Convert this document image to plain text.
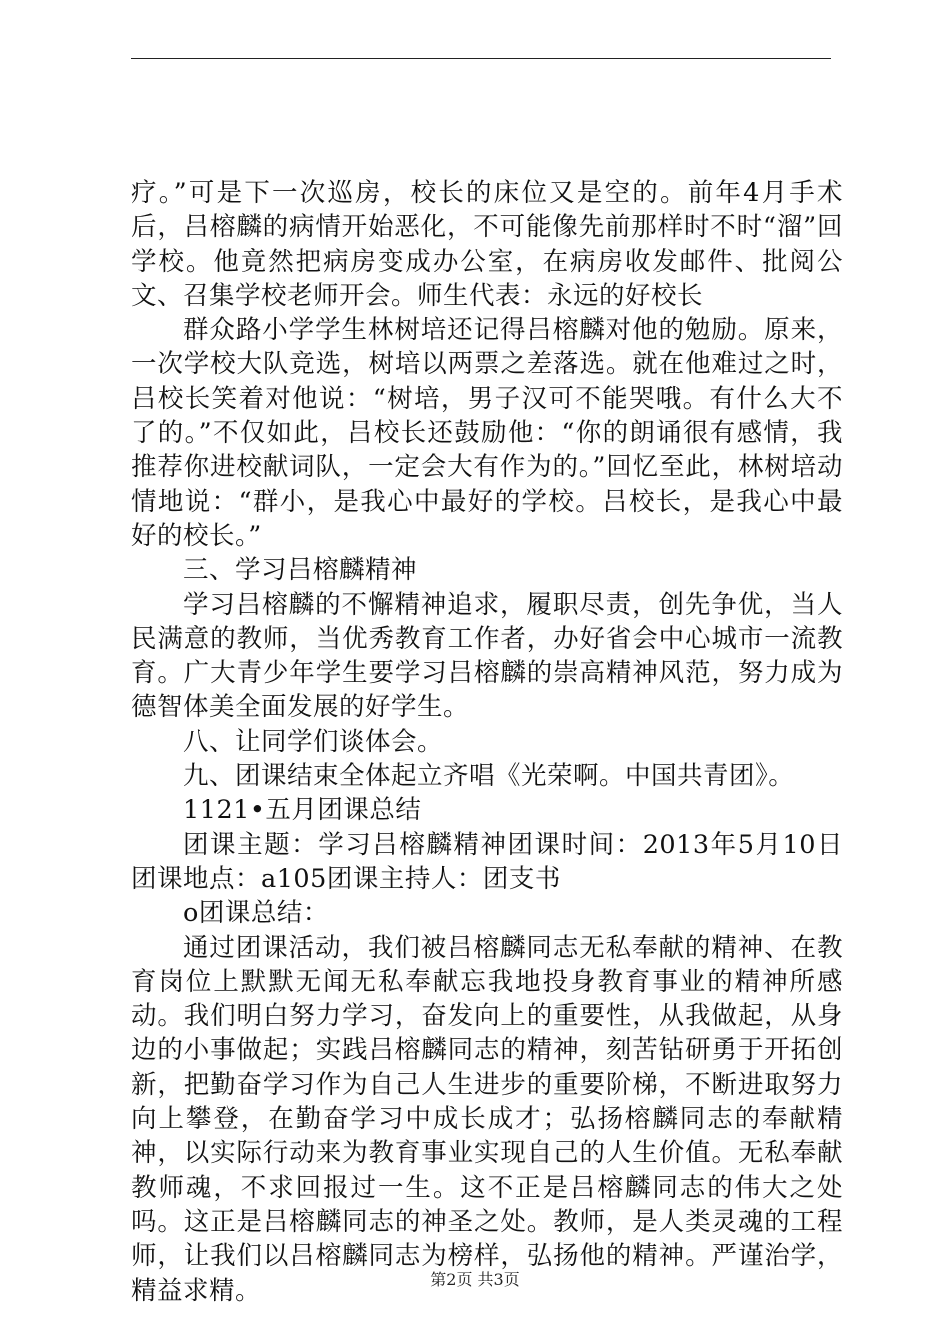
疗。”可是下一次巡房，校长的床位又是空的。前年4月手术后，吕榕麟的病情开始恶化，不可能像先前那样时不时“溜”回学校。他竟然把病房变成办公室，在病房收发邮件、批阅公文、召集学校老师开会。师生代表：永远的好校长

群众路小学学生林树培还记得吕榕麟对他的勉励。原来，一次学校大队竞选，树培以两票之差落选。就在他难过之时，吕校长笑着对他说：“树培，男子汉可不能哭哦。有什么大不了的。”不仅如此，吕校长还鼓励他：“你的朗诵很有感情，我推荐你进校献词队，一定会大有作为的。”回忆至此，林树培动情地说：“群小，是我心中最好的学校。吕校长，是我心中最好的校长。”

三、学习吕榕麟精神

学习吕榕麟的不懈精神追求，履职尽责，创先争优，当人民满意的教师，当优秀教育工作者，办好省会中心城市一流教育。广大青少年学生要学习吕榕麟的崇高精神风范，努力成为德智体美全面发展的好学生。

八、让同学们谈体会。

九、团课结束全体起立齐唱《光荣啊。中国共青团》。

1121•五月团课总结

团课主题：学习吕榕麟精神团课时间：2013年5月10日团课地点：a105团课主持人：团支书

o团课总结：

通过团课活动，我们被吕榕麟同志无私奉献的精神、在教育岗位上默默无闻无私奉献忘我地投身教育事业的精神所感动。我们明白努力学习，奋发向上的重要性，从我做起，从身边的小事做起；实践吕榕麟同志的精神，刻苦钻研勇于开拓创新，把勤奋学习作为自己人生进步的重要阶梯，不断进取努力向上攀登，在勤奋学习中成长成才；弘扬榕麟同志的奉献精神，以实际行动来为教育事业实现自己的人生价值。无私奉献教师魂，不求回报过一生。这不正是吕榕麟同志的伟大之处吗。这正是吕榕麟同志的神圣之处。教师，是人类灵魂的工程师，让我们以吕榕麟同志为榜样，弘扬他的精神。严谨治学，精益求精。	第2页 共3页
